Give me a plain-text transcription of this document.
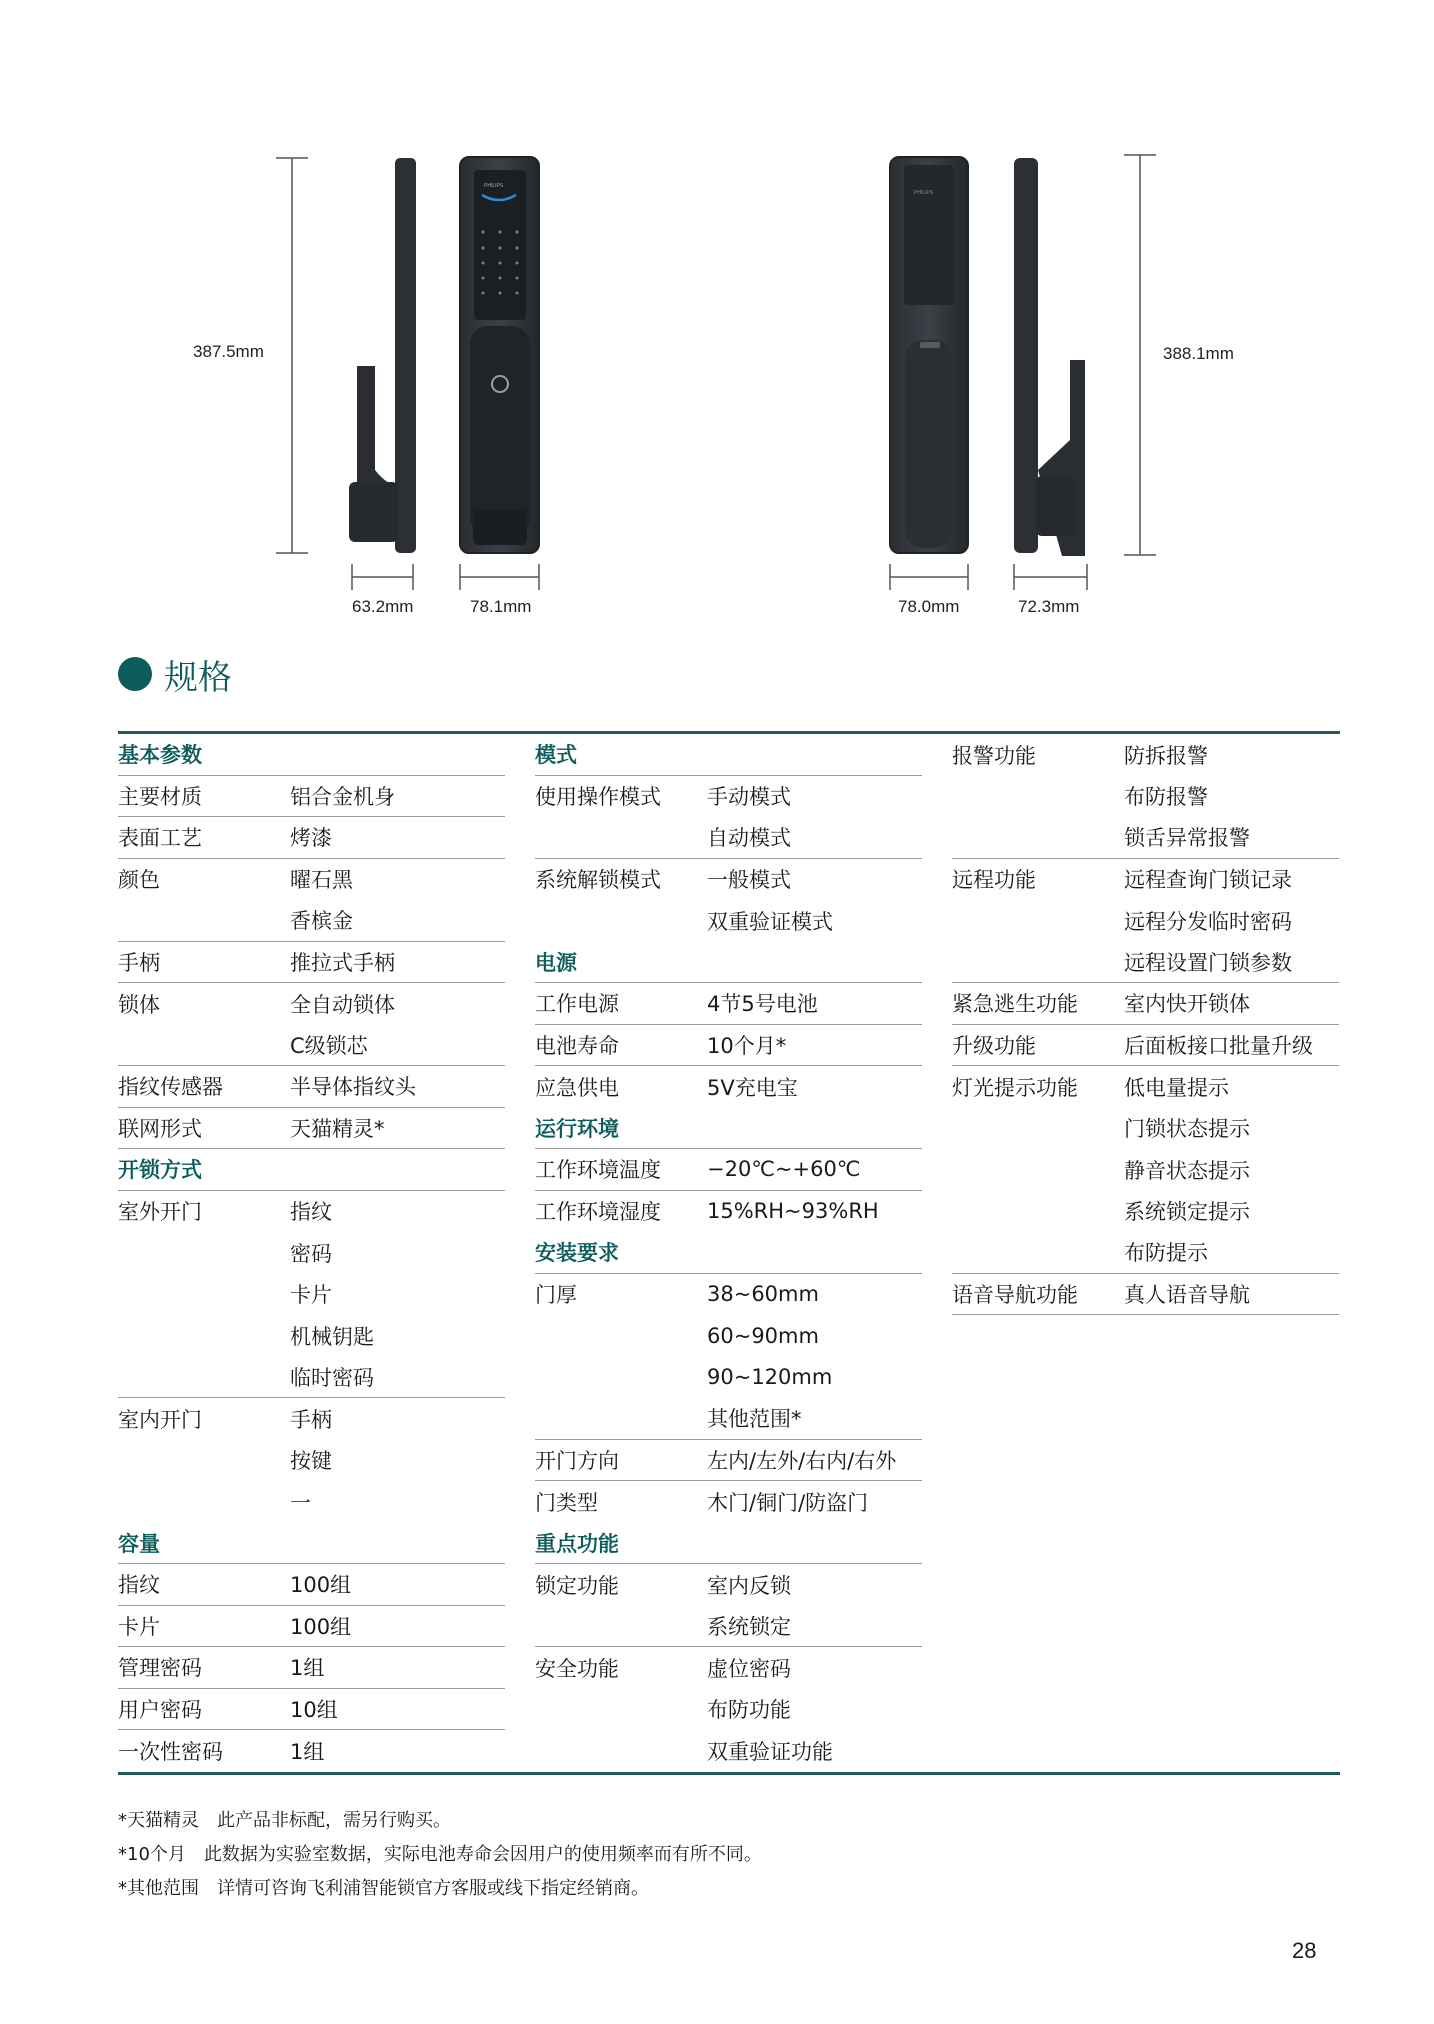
PHILIPS
PHILIPS
387.5mm
63.2mm	78.1mm	78.0mm	72.3mm
388.1mm
规格
基本参数
主要材质	铝合金机身
表面工艺	烤漆
颜色	曜石黑
香槟金
手柄	推拉式手柄
锁体	全自动锁体
C级锁芯
指纹传感器	半导体指纹头
联网形式	天猫精灵*
开锁方式
室外开门	指纹
密码
卡片
机械钥匙
临时密码
室内开门	手柄
按键
一
容量
指纹	100组
卡片	100组
管理密码	1组
用户密码	10组
一次性密码	1组
模式
使用操作模式	手动模式
自动模式
系统解锁模式	一般模式
双重验证模式
电源
工作电源	4节5号电池
电池寿命	10个月*
应急供电	5V充电宝
运行环境
工作环境温度	−20℃~+60℃
工作环境湿度	15%RH~93%RH
安装要求
门厚	38~60mm
60~90mm
90~120mm
其他范围*
开门方向	左内/左外/右内/右外
门类型	木门/铜门/防盗门
重点功能
锁定功能	室内反锁
系统锁定
安全功能	虚位密码
布防功能
双重验证功能
报警功能	防拆报警
布防报警
锁舌异常报警
远程功能	远程查询门锁记录
远程分发临时密码
远程设置门锁参数
紧急逃生功能	室内快开锁体
升级功能	后面板接口批量升级
灯光提示功能	低电量提示
门锁状态提示
静音状态提示
系统锁定提示
布防提示
语音导航功能	真人语音导航
*天猫精灵 此产品非标配，需另行购买。
*10个月 此数据为实验室数据，实际电池寿命会因用户的使用频率而有所不同。
*其他范围 详情可咨询飞利浦智能锁官方客服或线下指定经销商。
28
